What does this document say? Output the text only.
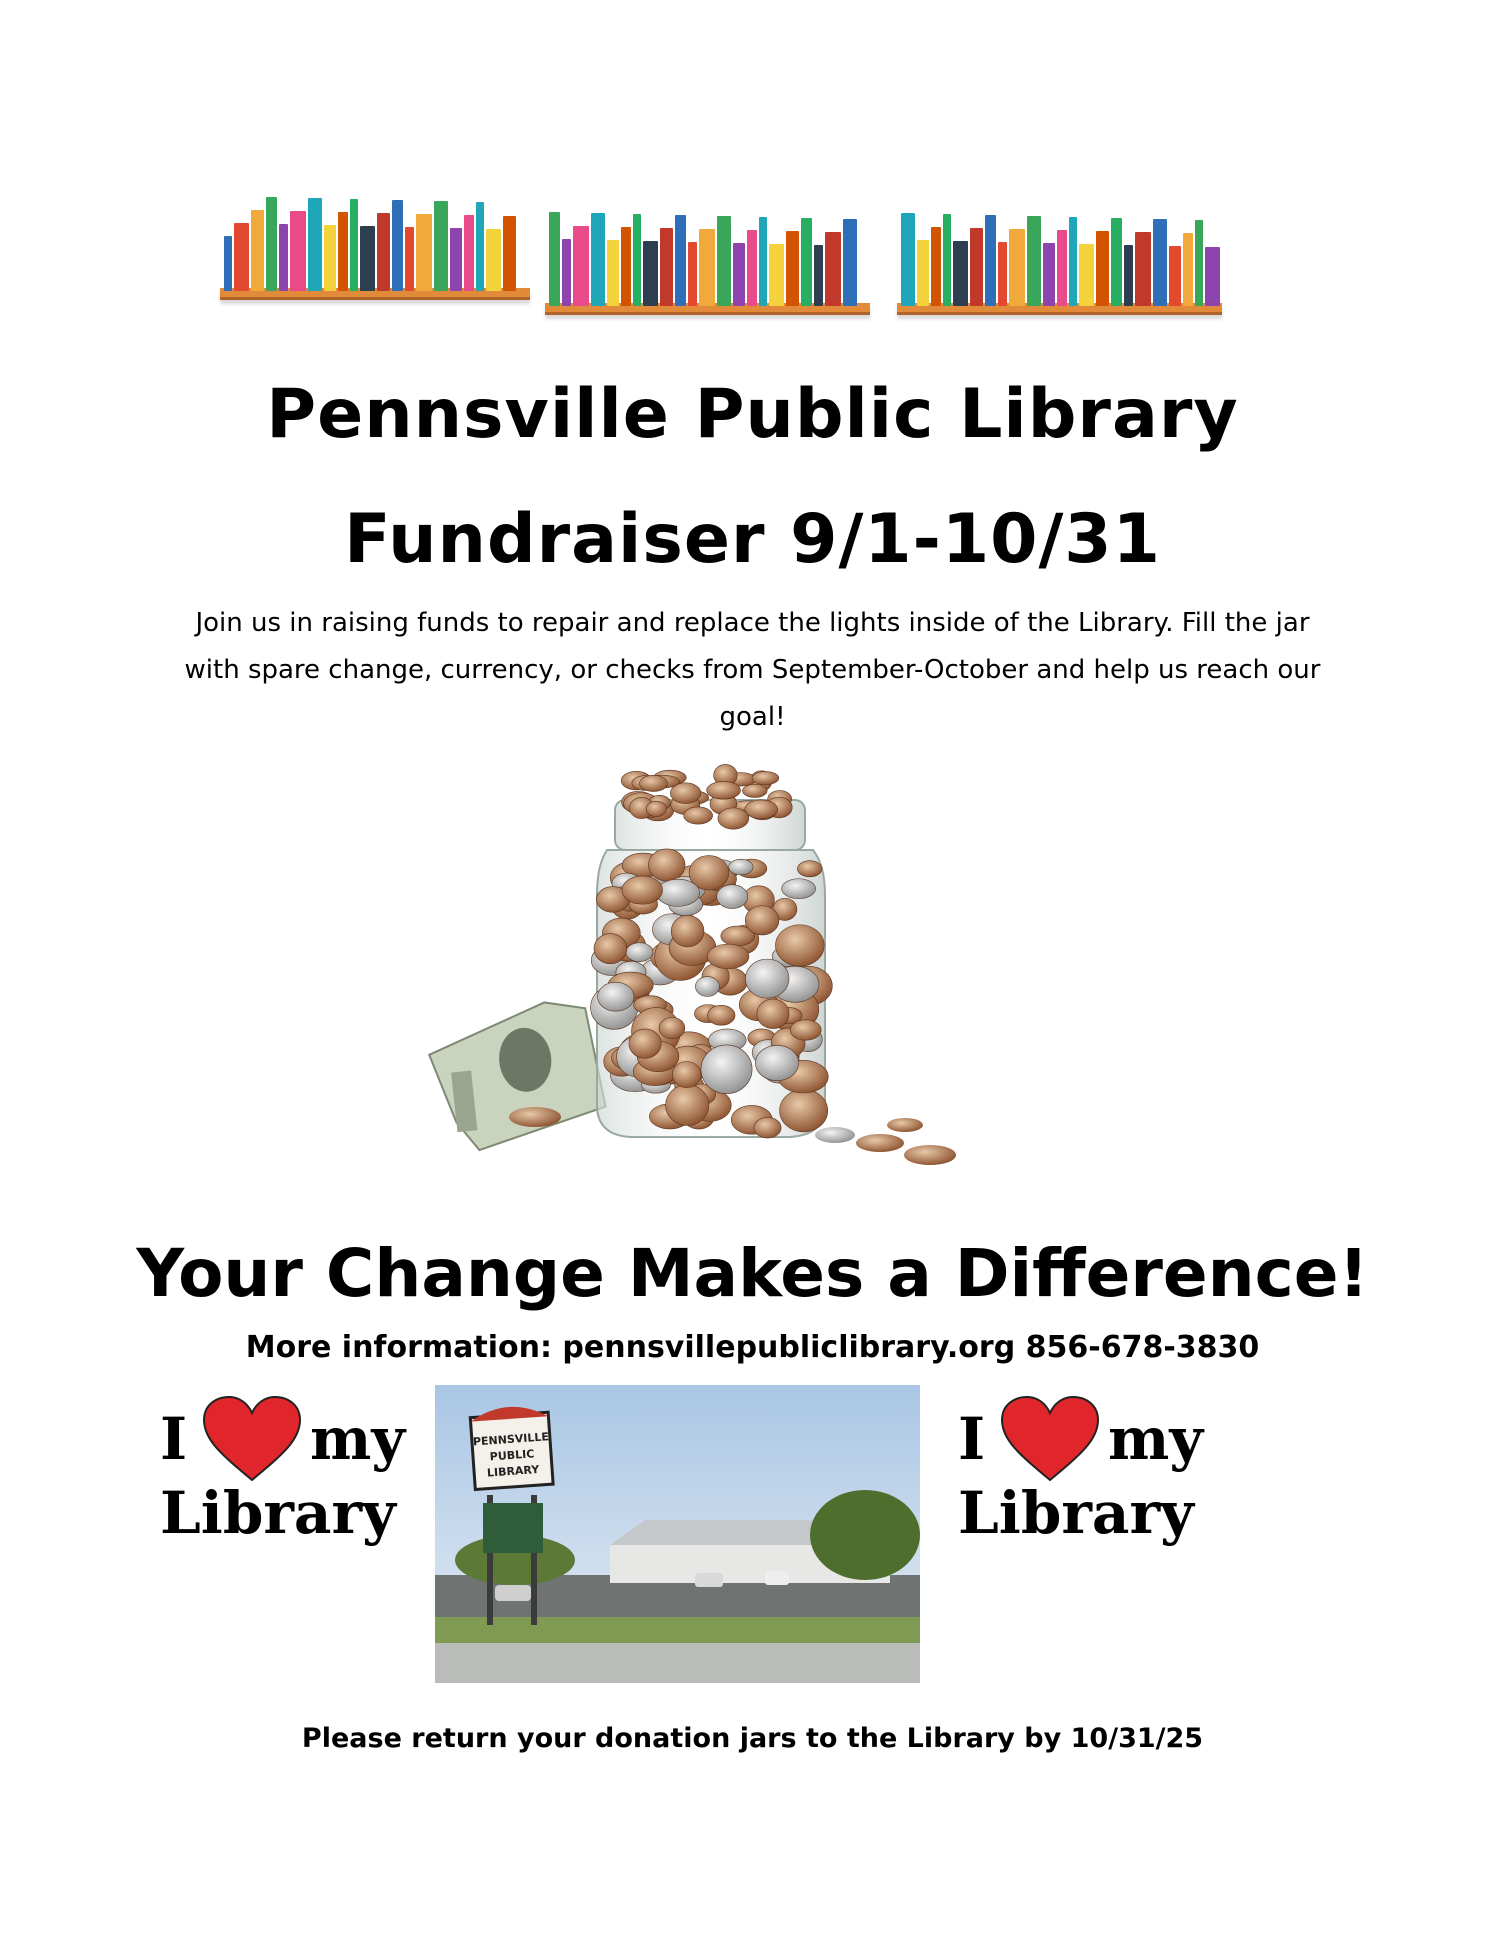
Pennsville Public Library
Fundraiser 9/1-10/31
Join us in raising funds to repair and replace the lights inside of the Library. Fill the jar with spare change, currency, or checks from September-October and help us reach our goal!
Your Change Makes a Difference!
More information: pennsvillepubliclibrary.org 856-678-3830
I my
Library
I my
Library
PENNSVILLE
PUBLIC
LIBRARY
Please return your donation jars to the Library by 10/31/25
